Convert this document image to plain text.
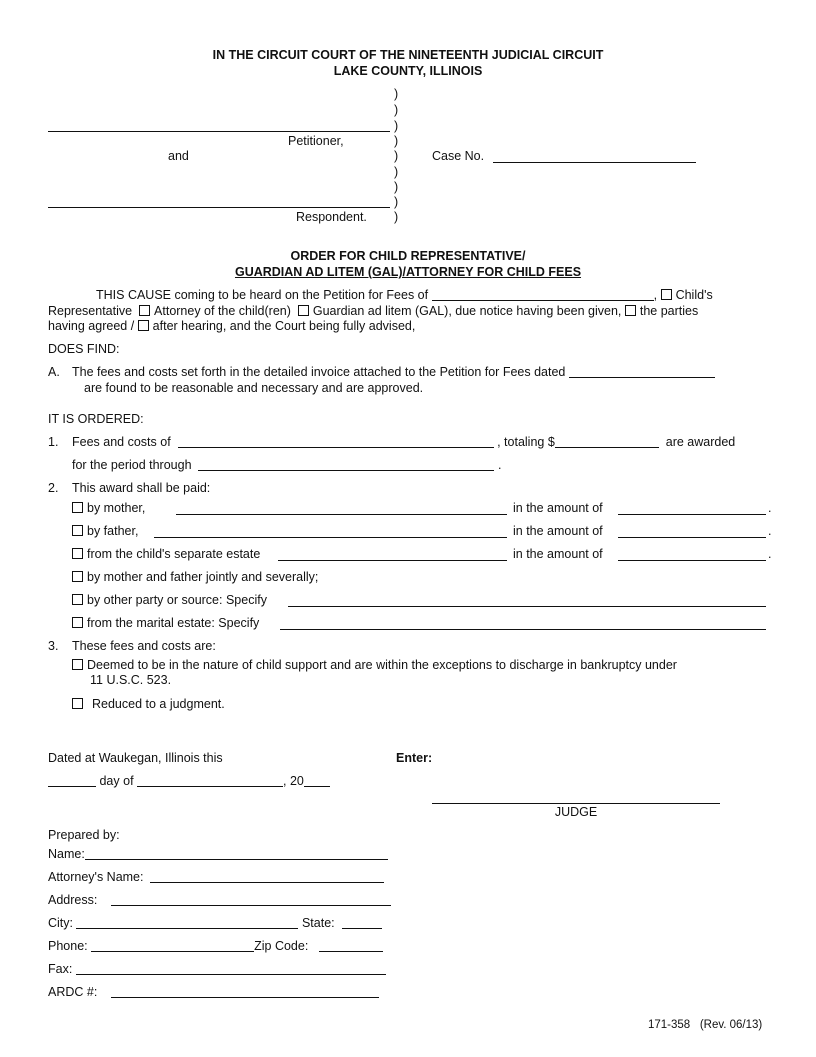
IN THE CIRCUIT COURT OF THE NINETEENTH JUDICIAL CIRCUIT
LAKE COUNTY, ILLINOIS
)
)
)
)
)
)
)
)
)
Petitioner,
and	Case No.
Respondent.
ORDER FOR CHILD REPRESENTATIVE/
GUARDIAN AD LITEM (GAL)/ATTORNEY FOR CHILD FEES
THIS CAUSE coming to be heard on the Petition for Fees of	, Child's
Representative Attorney of the child(ren) Guardian ad litem (GAL), due notice having been given, the parties
having agreed / after hearing, and the Court being fully advised,
DOES FIND:
A. The fees and costs set forth in the detailed invoice attached to the Petition for Fees dated
are found to be reasonable and necessary and are approved.
IT IS ORDERED:
1. Fees and costs of	, totaling $	are awarded
for the period through	.
2. This award shall be paid:
by mother,	in the amount of	.
by father,	in the amount of	.
from the child's separate estate	in the amount of	.
by mother and father jointly and severally;
by other party or source: Specify
from the marital estate: Specify
3. These fees and costs are:
Deemed to be in the nature of child support and are within the exceptions to discharge in bankruptcy under
11 U.S.C. 523.
Reduced to a judgment.
Dated at Waukegan, Illinois this	Enter:
day of	, 20
JUDGE
Prepared by:
Name:
Attorney's Name:
Address:
City:	State:
Phone:	Zip Code:
Fax:
ARDC #:
171-358 (Rev. 06/13)
